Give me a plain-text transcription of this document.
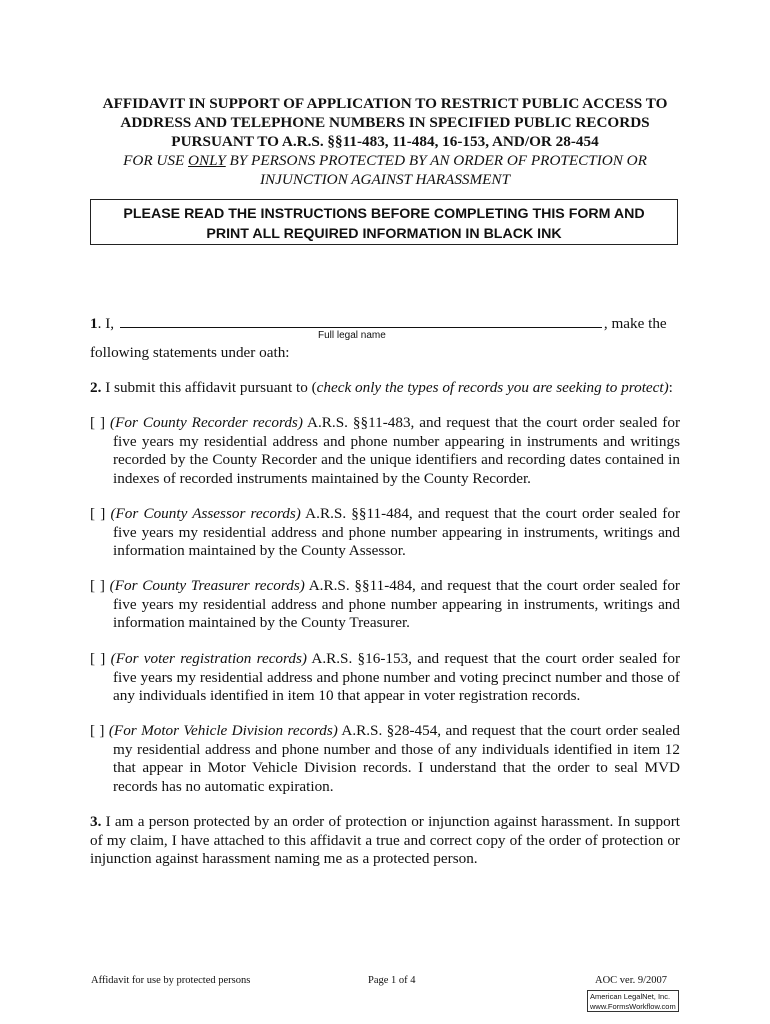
AFFIDAVIT IN SUPPORT OF APPLICATION TO RESTRICT PUBLIC ACCESS TO
ADDRESS AND TELEPHONE NUMBERS IN SPECIFIED PUBLIC RECORDS
PURSUANT TO A.R.S. §§11-483, 11-484, 16-153, AND/OR 28-454
FOR USE ONLY BY PERSONS PROTECTED BY AN ORDER OF PROTECTION OR
INJUNCTION AGAINST HARASSMENT
PLEASE READ THE INSTRUCTIONS BEFORE COMPLETING THIS FORM AND
PRINT ALL REQUIRED INFORMATION IN BLACK INK
1. I,	, make the
Full legal name
following statements under oath:
2. I submit this affidavit pursuant to (check only the types of records you are seeking to protect):
[ ] (For County Recorder records) A.R.S. §§11-483, and request that the court order sealed for five years my residential address and phone number appearing in instruments and writings recorded by the County Recorder and the unique identifiers and recording dates contained in indexes of recorded instruments maintained by the County Recorder.
[ ] (For County Assessor records) A.R.S. §§11-484, and request that the court order sealed for five years my residential address and phone number appearing in instruments, writings and information maintained by the County Assessor.
[ ] (For County Treasurer records) A.R.S. §§11-484, and request that the court order sealed for five years my residential address and phone number appearing in instruments, writings and information maintained by the County Treasurer.
[ ] (For voter registration records) A.R.S. §16-153, and request that the court order sealed for five years my residential address and phone number and voting precinct number and those of any individuals identified in item 10 that appear in voter registration records.
[ ] (For Motor Vehicle Division records) A.R.S. §28-454, and request that the court order sealed my residential address and phone number and those of any individuals identified in item 12 that appear in Motor Vehicle Division records. I understand that the order to seal MVD records has no automatic expiration.
3. I am a person protected by an order of protection or injunction against harassment. In support of my claim, I have attached to this affidavit a true and correct copy of the order of protection or injunction against harassment naming me as a protected person.
Affidavit for use by protected persons	Page 1 of 4	AOC ver. 9/2007
American LegalNet, Inc.
www.FormsWorkflow.com
